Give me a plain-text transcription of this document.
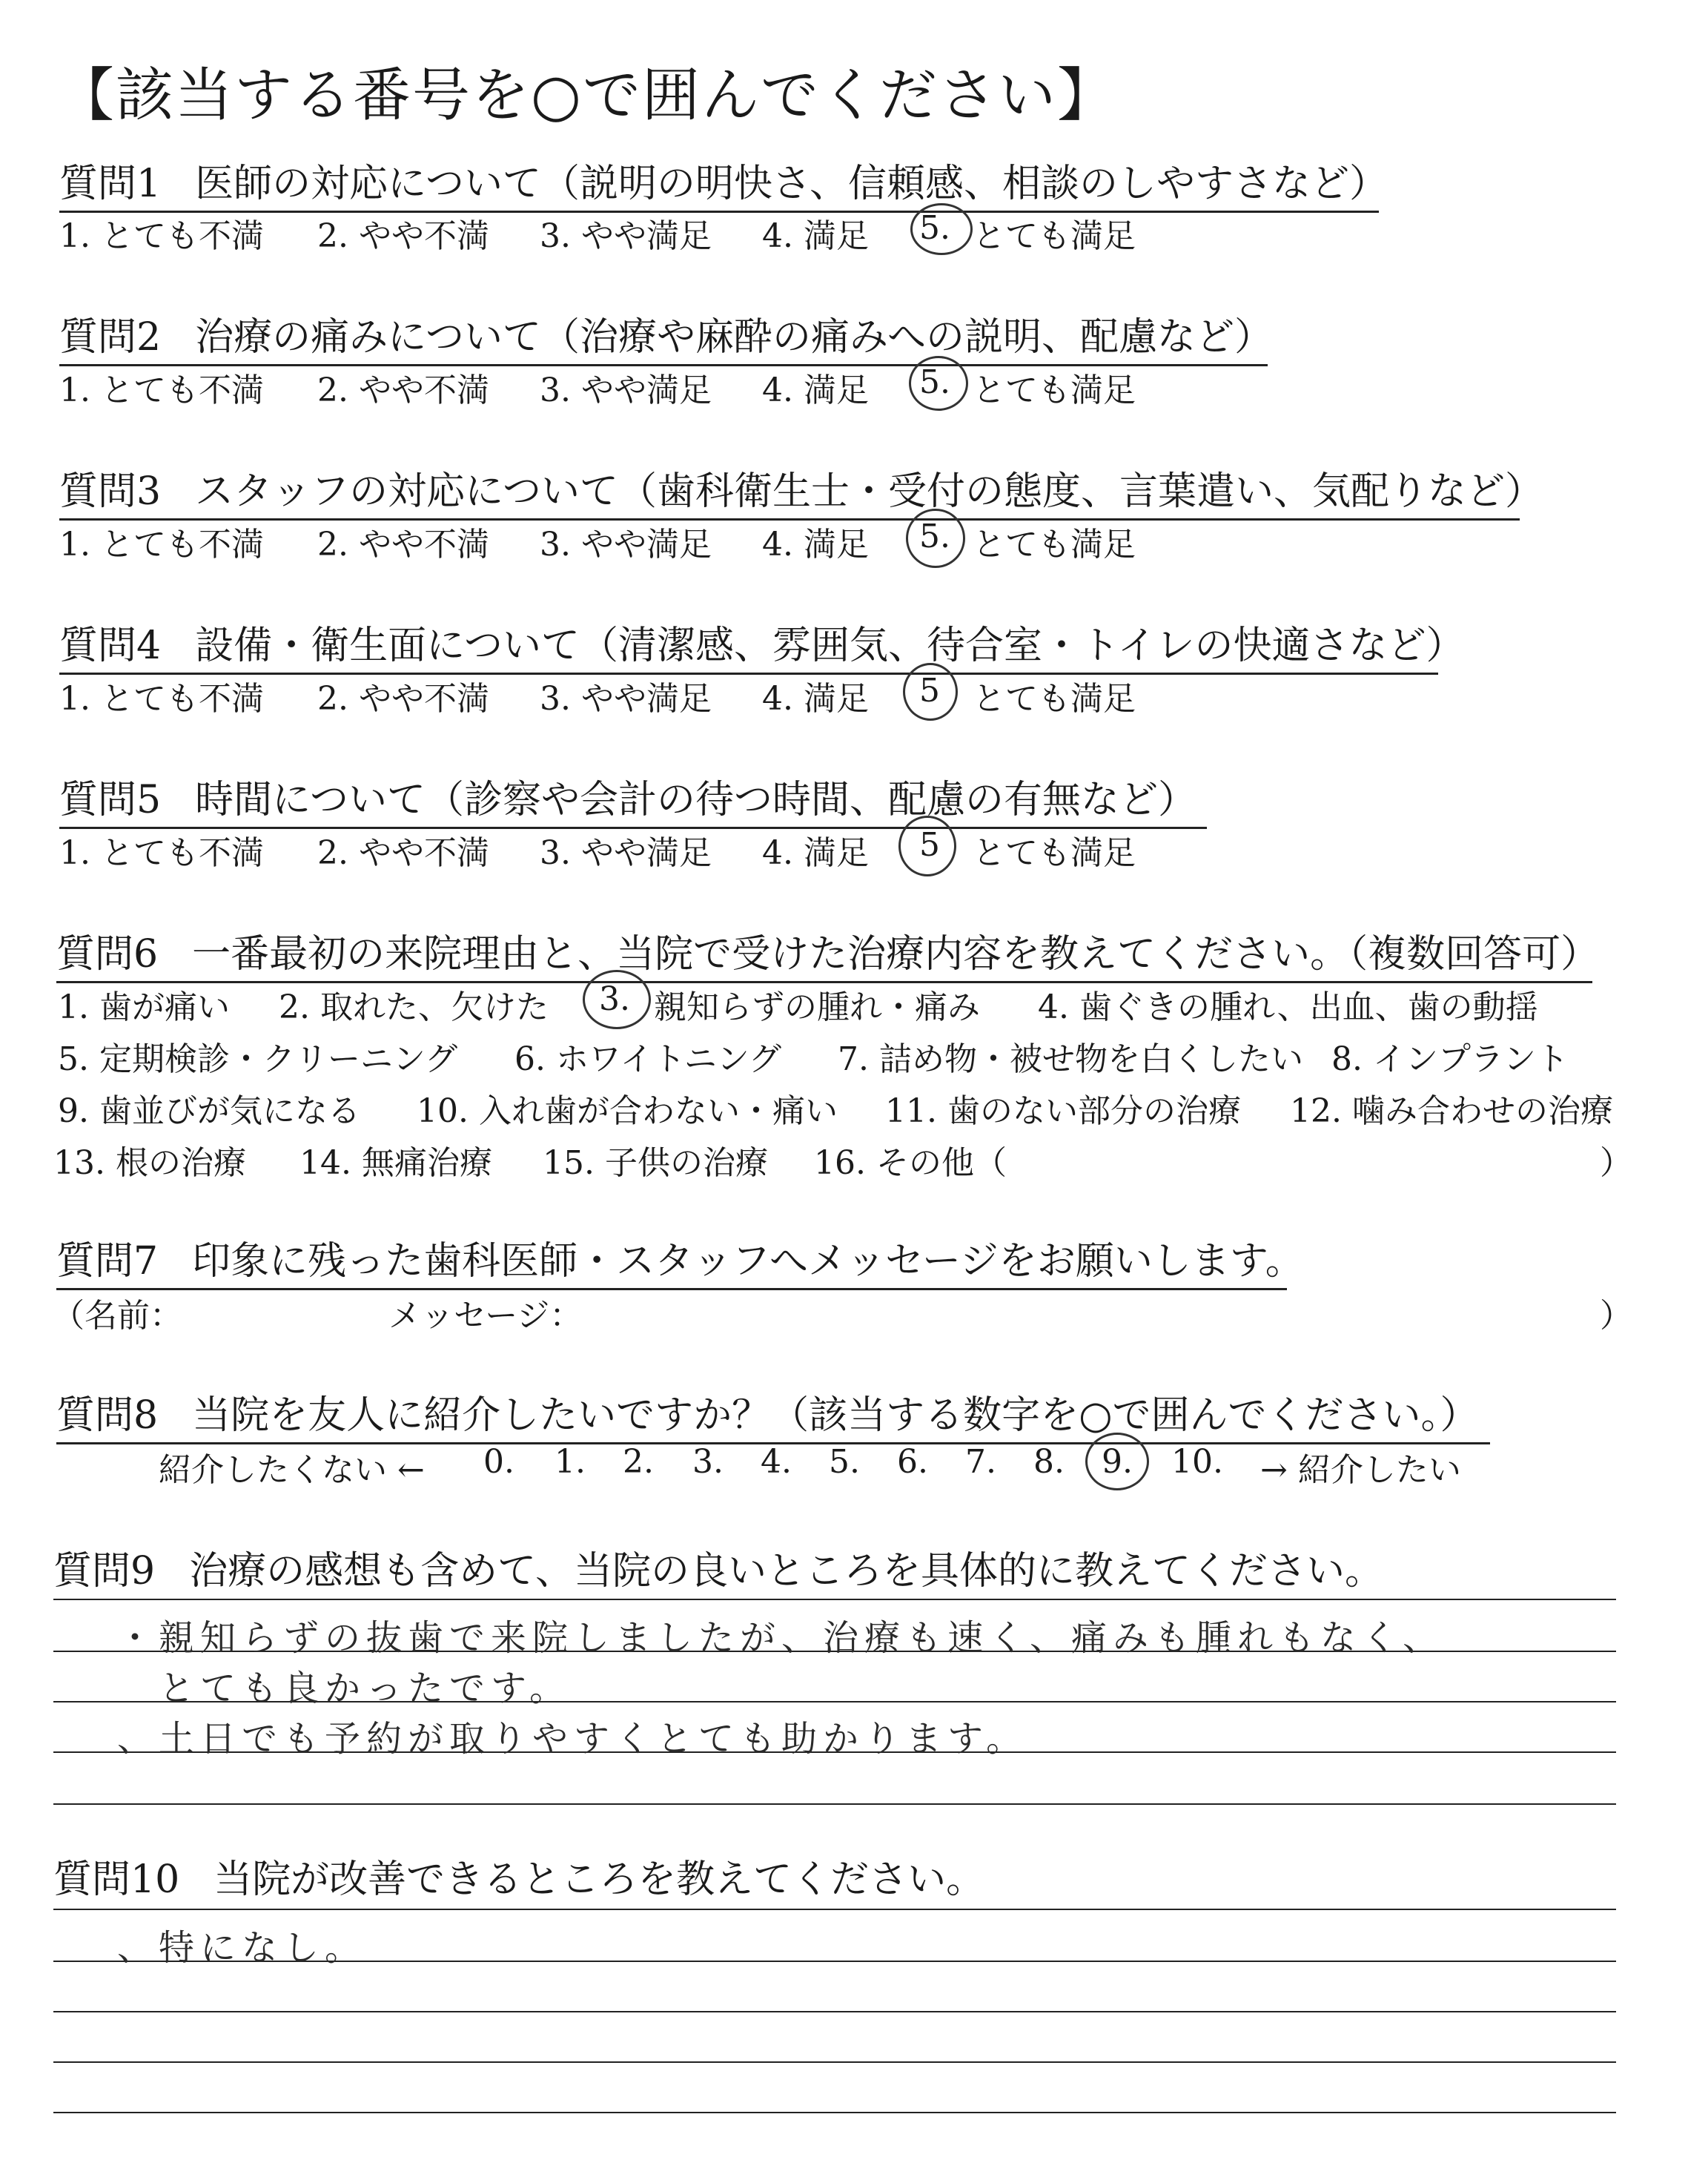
【該当する番号を○で囲んでください】
質問1 医師の対応について（説明の明快さ、信頼感、相談のしやすさなど）
1. とても不満 2. やや不満 3. やや満足 4. 満足 5. とても満足
質問2 治療の痛みについて（治療や麻酔の痛みへの説明、配慮など）
1. とても不満 2. やや不満 3. やや満足 4. 満足 5. とても満足
質問3 スタッフの対応について（歯科衛生士・受付の態度、言葉遣い、気配りなど）
1. とても不満 2. やや不満 3. やや満足 4. 満足 5. とても満足
質問4 設備・衛生面について（清潔感、雰囲気、待合室・トイレの快適さなど）
1. とても不満 2. やや不満 3. やや満足 4. 満足 5 とても満足
質問5 時間について（診察や会計の待つ時間、配慮の有無など）
1. とても不満 2. やや不満 3. やや満足 4. 満足 5 とても満足
質問6 一番最初の来院理由と、当院で受けた治療内容を教えてください。（複数回答可）
1. 歯が痛い 2. 取れた、欠けた 3. 親知らずの腫れ・痛み 4. 歯ぐきの腫れ、出血、歯の動揺
5. 定期検診・クリーニング 6. ホワイトニング 7. 詰め物・被せ物を白くしたい 8. インプラント
9. 歯並びが気になる 10. 入れ歯が合わない・痛い 11. 歯のない部分の治療 12. 噛み合わせの治療
13. 根の治療 14. 無痛治療 15. 子供の治療 16. その他（	）
質問7 印象に残った歯科医師・スタッフへメッセージをお願いします。
（名前：	メッセージ：	）
質問8 当院を友人に紹介したいですか？（該当する数字を○で囲んでください。）
紹介したくない ← 0. 1. 2. 3. 4. 5. 6. 7. 8. 9. 10. → 紹介したい
質問9 治療の感想も含めて、当院の良いところを具体的に教えてください。
・親知らずの抜歯で来院しましたが、治療も速く、痛みも腫れもなく、
とても良かったです。
、土日でも予約が取りやすくとても助かります。
質問10 当院が改善できるところを教えてください。
、特になし。
